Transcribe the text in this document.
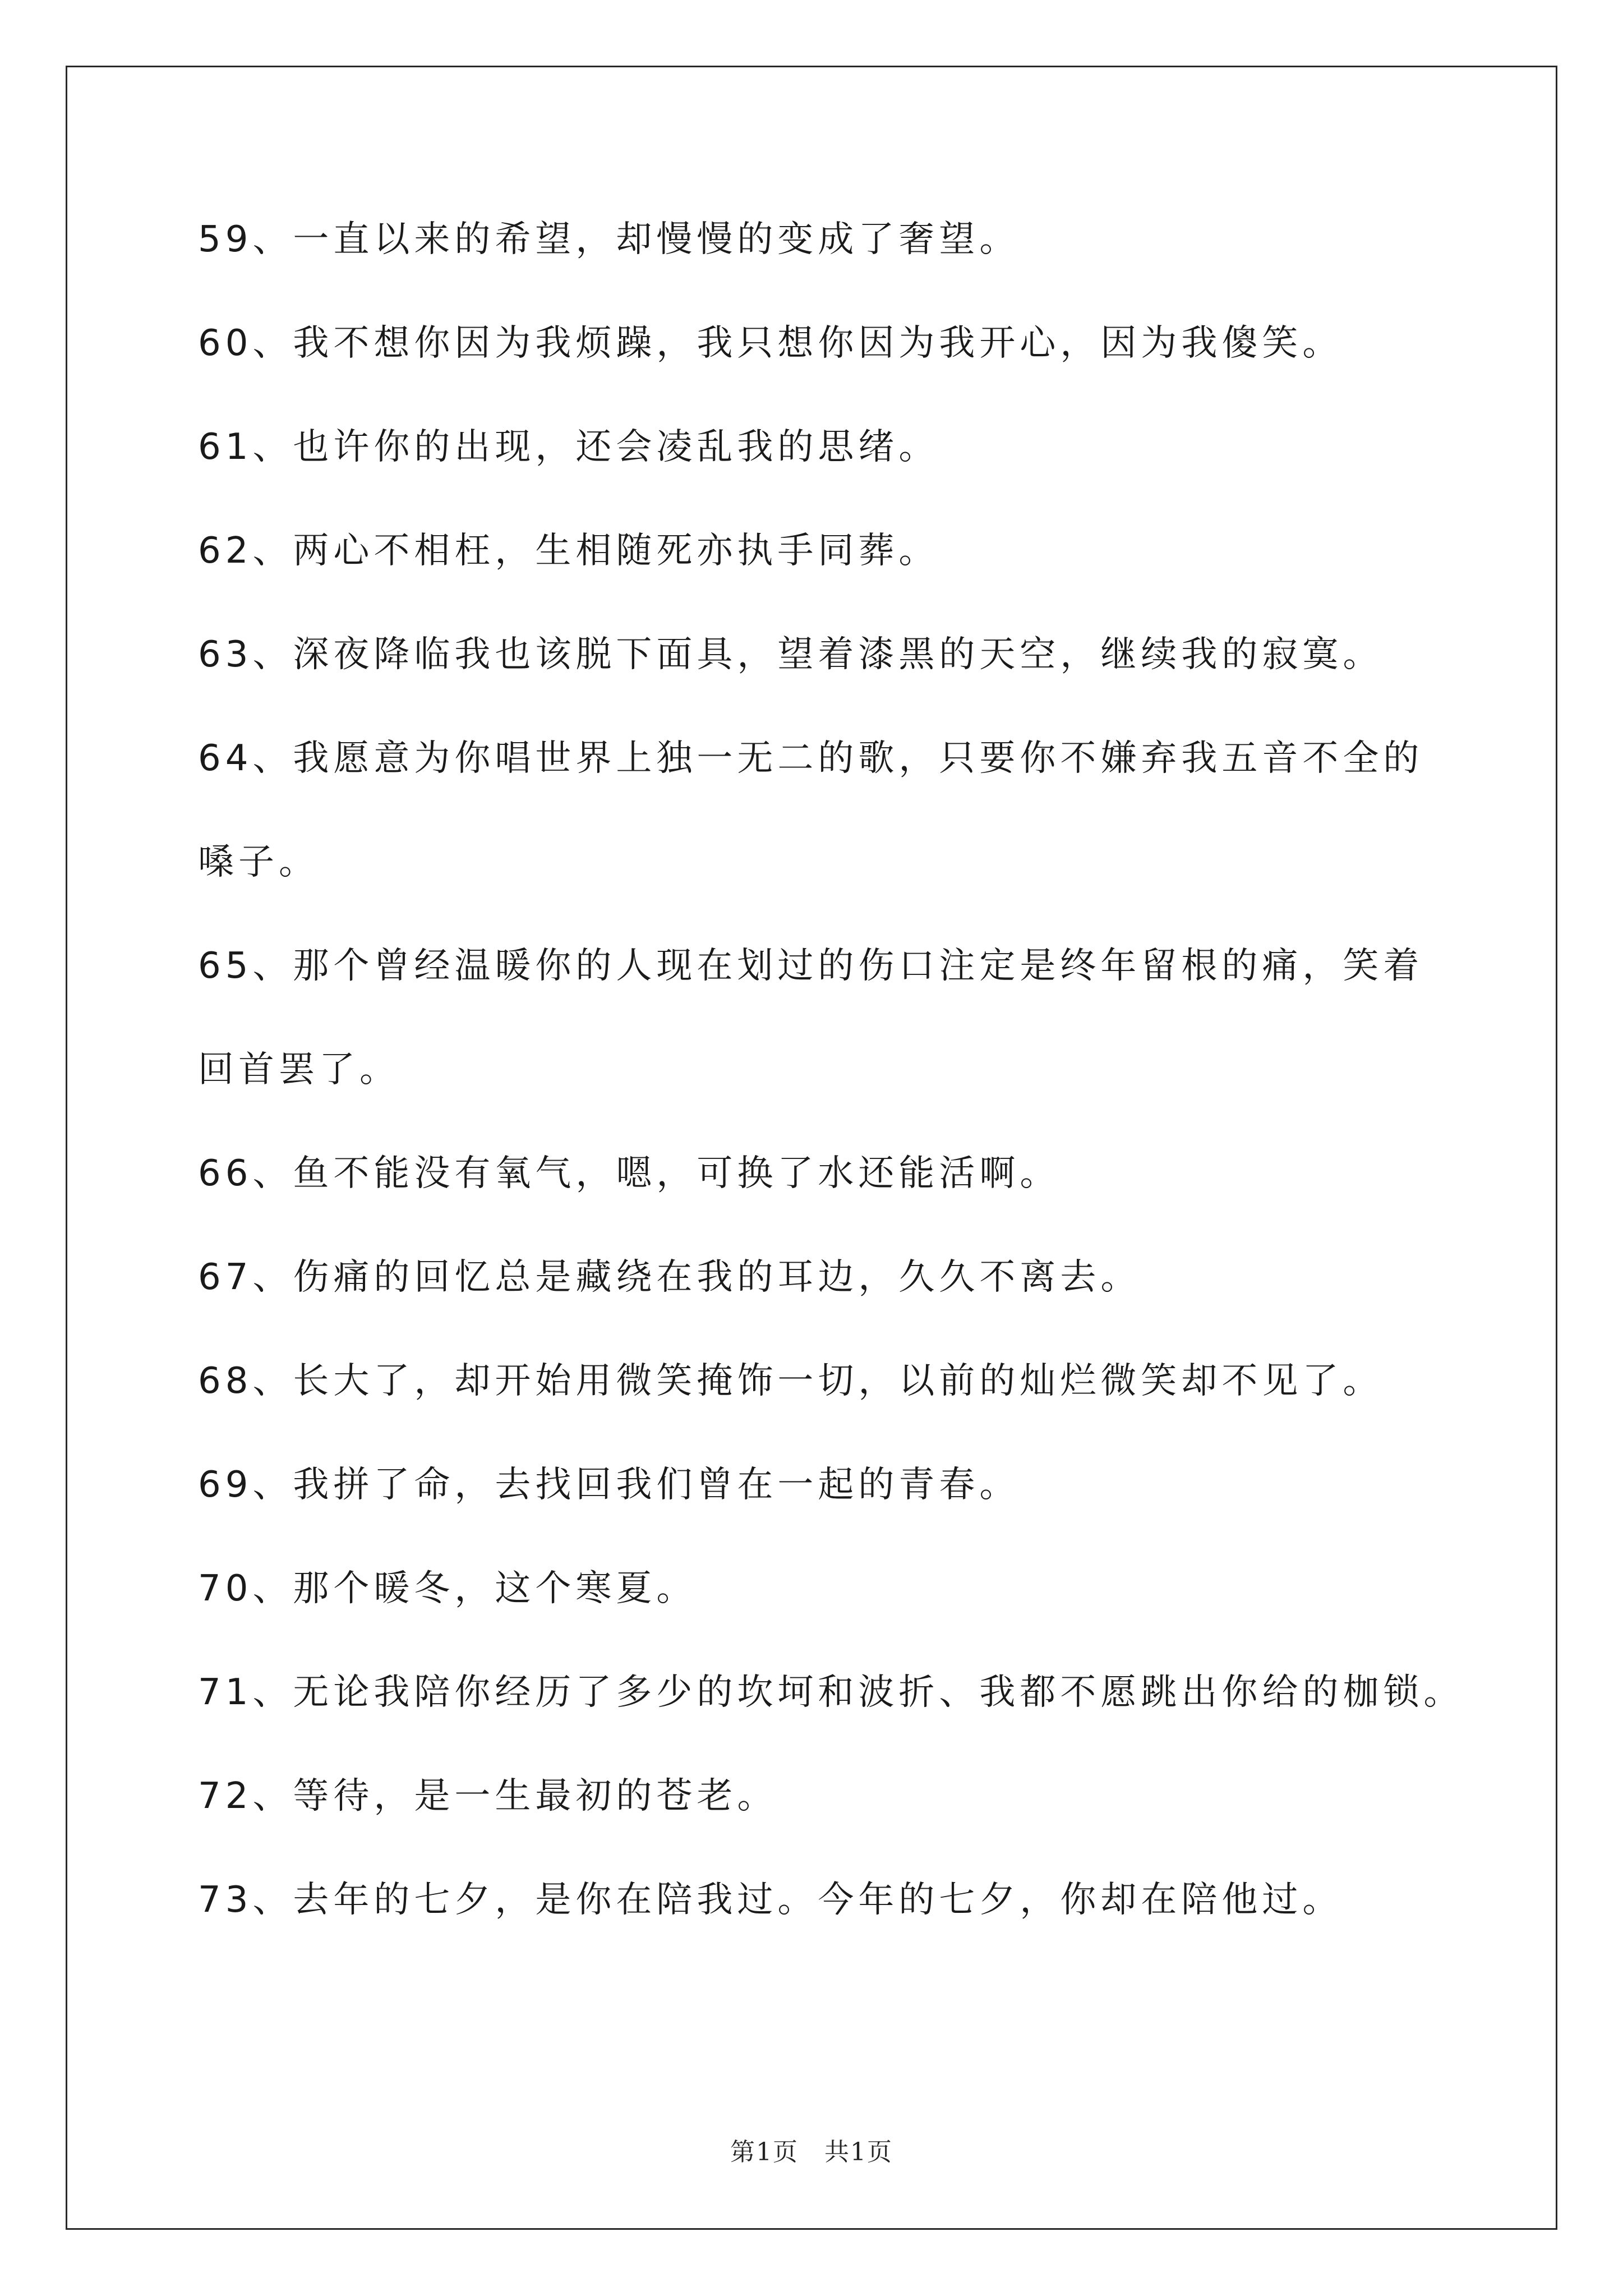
59、一直以来的希望，却慢慢的变成了奢望。
60、我不想你因为我烦躁，我只想你因为我开心，因为我傻笑。
61、也许你的出现，还会凌乱我的思绪。
62、两心不相枉，生相随死亦执手同葬。
63、深夜降临我也该脱下面具，望着漆黑的天空，继续我的寂寞。
64、我愿意为你唱世界上独一无二的歌，只要你不嫌弃我五音不全的
嗓子。
65、那个曾经温暖你的人现在划过的伤口注定是终年留根的痛，笑着
回首罢了。
66、鱼不能没有氧气，嗯，可换了水还能活啊。
67、伤痛的回忆总是藏绕在我的耳边，久久不离去。
68、长大了，却开始用微笑掩饰一切，以前的灿烂微笑却不见了。
69、我拼了命，去找回我们曾在一起的青春。
70、那个暖冬，这个寒夏。
71、无论我陪你经历了多少的坎坷和波折、我都不愿跳出你给的枷锁。
72、等待，是一生最初的苍老。
73、去年的七夕，是你在陪我过。今年的七夕，你却在陪他过。
第1页　共1页
